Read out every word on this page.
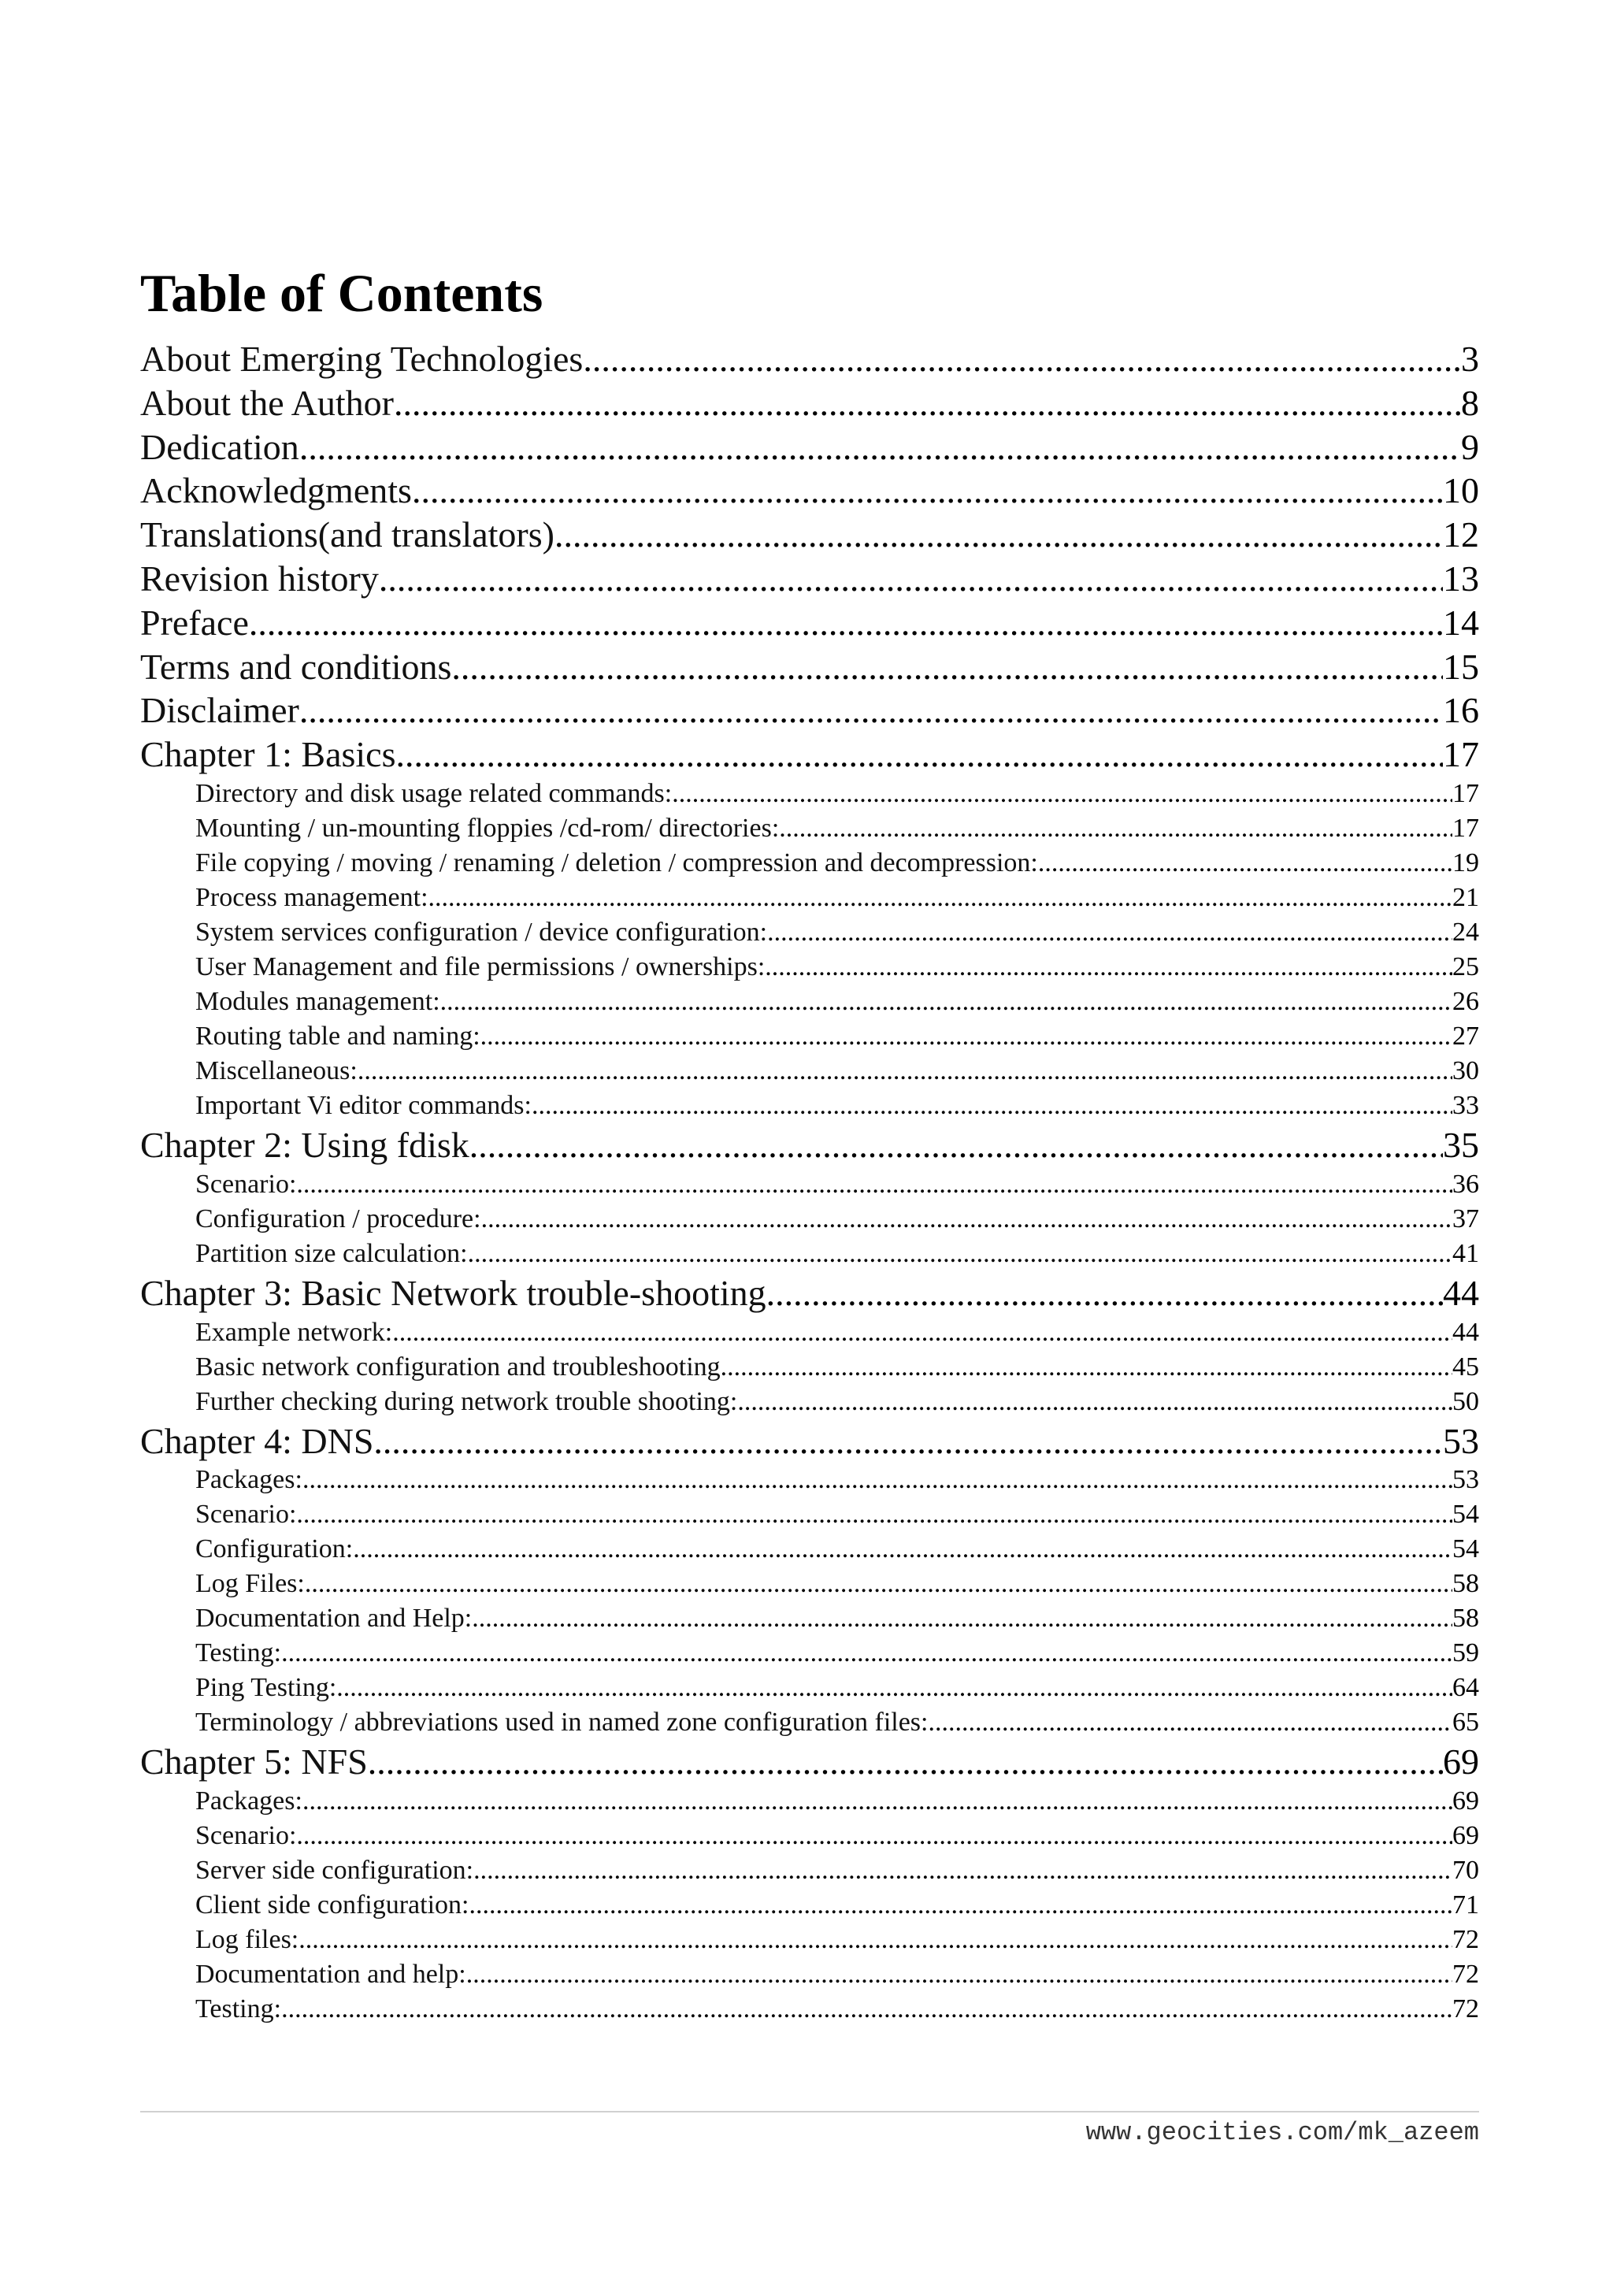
Table of Contents
About Emerging Technologies .....	3
About the Author .....	8
Dedication .....	9
Acknowledgments .....	10
Translations(and translators) .....	12
Revision history .....	13
Preface .....	14
Terms and conditions .....	15
Disclaimer .....	16
Chapter 1: Basics .....	17
Directory and disk usage related commands: .....	17
Mounting / un-mounting floppies /cd-rom/ directories: .....	17
File copying / moving / renaming / deletion / compression and decompression: .....	19
Process management: .....	21
System services configuration / device configuration: .....	24
User Management and file permissions / ownerships: .....	25
Modules management: .....	26
Routing table and naming: .....	27
Miscellaneous: .....	30
Important Vi editor commands: .....	33
Chapter 2: Using fdisk .....	35
Scenario: .....	36
Configuration / procedure: .....	37
Partition size calculation: .....	41
Chapter 3: Basic Network trouble-shooting .....	44
Example network: .....	44
Basic network configuration and troubleshooting .....	45
Further checking during network trouble shooting: .....	50
Chapter 4: DNS .....	53
Packages: .....	53
Scenario: .....	54
Configuration: .....	54
Log Files: .....	58
Documentation and Help: .....	58
Testing: .....	59
Ping Testing: .....	64
Terminology / abbreviations used in named zone configuration files: .....	65
Chapter 5: NFS .....	69
Packages: .....	69
Scenario: .....	69
Server side configuration: .....	70
Client side configuration: .....	71
Log files: .....	72
Documentation and help: .....	72
Testing: .....	72
www.geocities.com/mk_azeem
